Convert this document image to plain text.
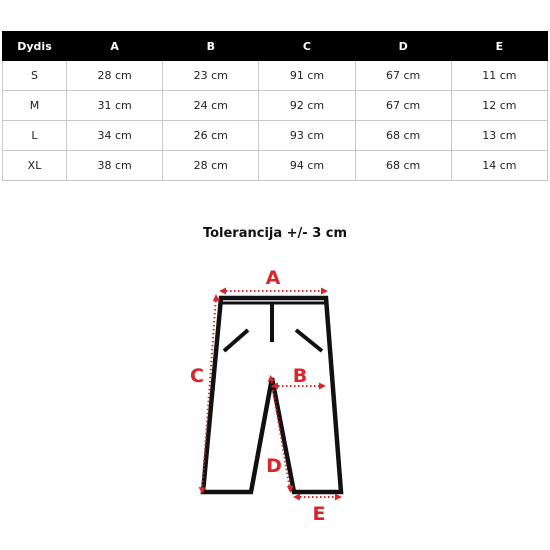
Dydis	A	B	C	D	E
S	28 cm	23 cm	91 cm	67 cm	11 cm
M	31 cm	24 cm	92 cm	67 cm	12 cm
L	34 cm	26 cm	93 cm	68 cm	13 cm
XL	38 cm	28 cm	94 cm	68 cm	14 cm
Tolerancija +/- 3 cm
A
B
C
D
E
